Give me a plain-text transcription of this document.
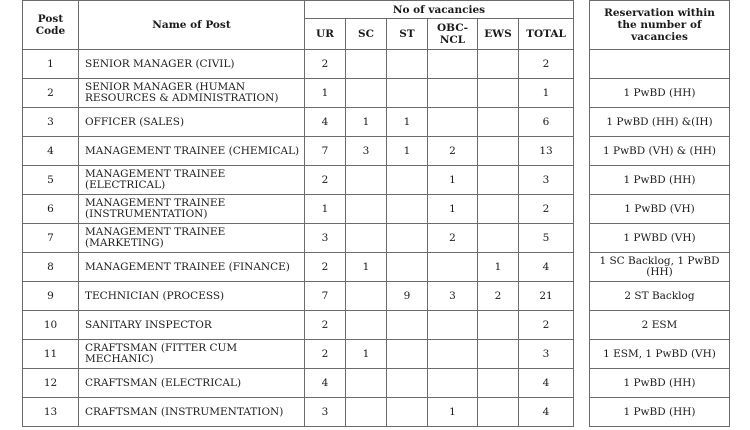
Post Code	Name of Post	No of vacancies							Reservation within the number of vacancies
		UR	SC	ST	OBC-NCL	EWS	TOTAL		
1	SENIOR MANAGER (CIVIL)	2					2		
2	SENIOR MANAGER (HUMAN RESOURCES & ADMINISTRATION)	1					1		1 PwBD (HH)
3	OFFICER (SALES)	4	1	1			6		1 PwBD (HH) &(IH)
4	MANAGEMENT TRAINEE (CHEMICAL)	7	3	1	2		13		1 PwBD (VH) & (HH)
5	MANAGEMENT TRAINEE (ELECTRICAL)	2			1		3		1 PwBD (HH)
6	MANAGEMENT TRAINEE (INSTRUMENTATION)	1			1		2		1 PwBD (VH)
7	MANAGEMENT TRAINEE (MARKETING)	3			2		5		1 PWBD (VH)
8	MANAGEMENT TRAINEE (FINANCE)	2	1			1	4		1 SC Backlog, 1 PwBD (HH)
9	TECHNICIAN (PROCESS)	7		9	3	2	21		2 ST Backlog
10	SANITARY INSPECTOR	2					2		2 ESM
11	CRAFTSMAN (FITTER CUM MECHANIC)	2	1				3		1 ESM, 1 PwBD (VH)
12	CRAFTSMAN (ELECTRICAL)	4					4		1 PwBD (HH)
13	CRAFTSMAN (INSTRUMENTATION)	3			1		4		1 PwBD (HH)
